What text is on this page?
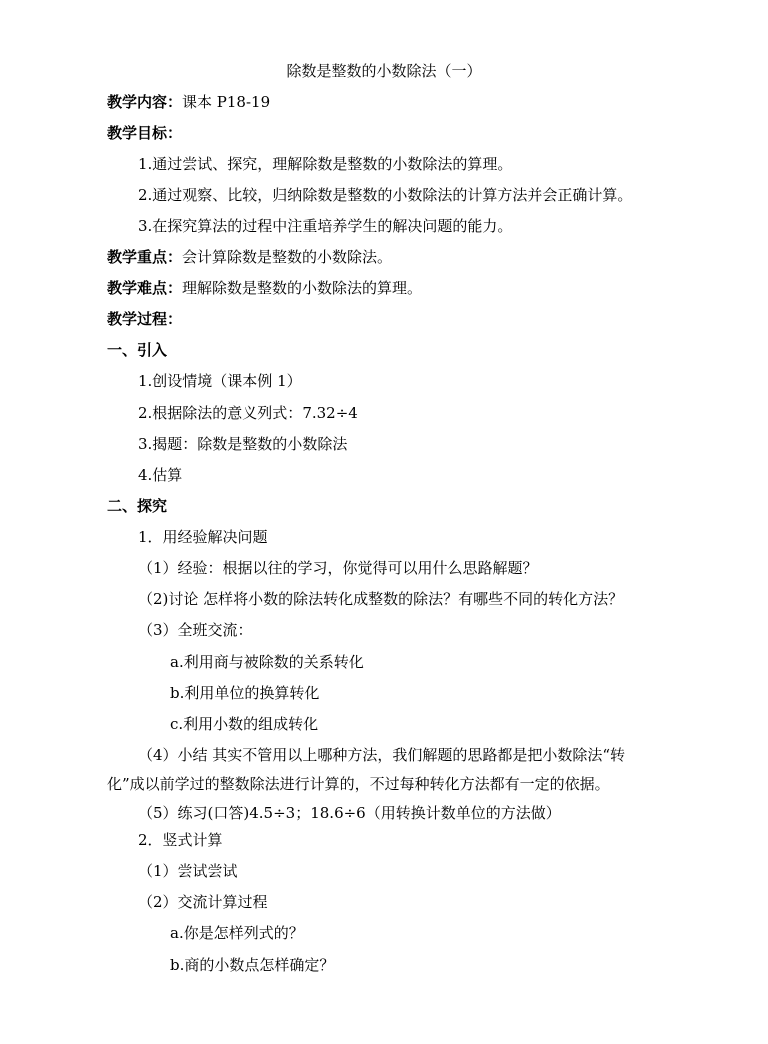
除数是整数的小数除法（一）
教学内容：课本 P18-19
教学目标：
1.通过尝试、探究，理解除数是整数的小数除法的算理。
2.通过观察、比较，归纳除数是整数的小数除法的计算方法并会正确计算。
3.在探究算法的过程中注重培养学生的解决问题的能力。
教学重点：会计算除数是整数的小数除法。
教学难点：理解除数是整数的小数除法的算理。
教学过程：
一、引入
1.创设情境（课本例 1）
2.根据除法的意义列式：7.32÷4
3.揭题：除数是整数的小数除法
4.估算
二、探究
1．用经验解决问题
（1）经验：根据以往的学习，你觉得可以用什么思路解题？
（2)讨论 怎样将小数的除法转化成整数的除法？有哪些不同的转化方法？
（3）全班交流：
a.利用商与被除数的关系转化
b.利用单位的换算转化
c.利用小数的组成转化
（4）小结 其实不管用以上哪种方法，我们解题的思路都是把小数除法“转
化”成以前学过的整数除法进行计算的，不过每种转化方法都有一定的依据。
（5）练习(口答)4.5÷3；18.6÷6（用转换计数单位的方法做）
2．竖式计算
（1）尝试尝试
（2）交流计算过程
a.你是怎样列式的？
b.商的小数点怎样确定？
